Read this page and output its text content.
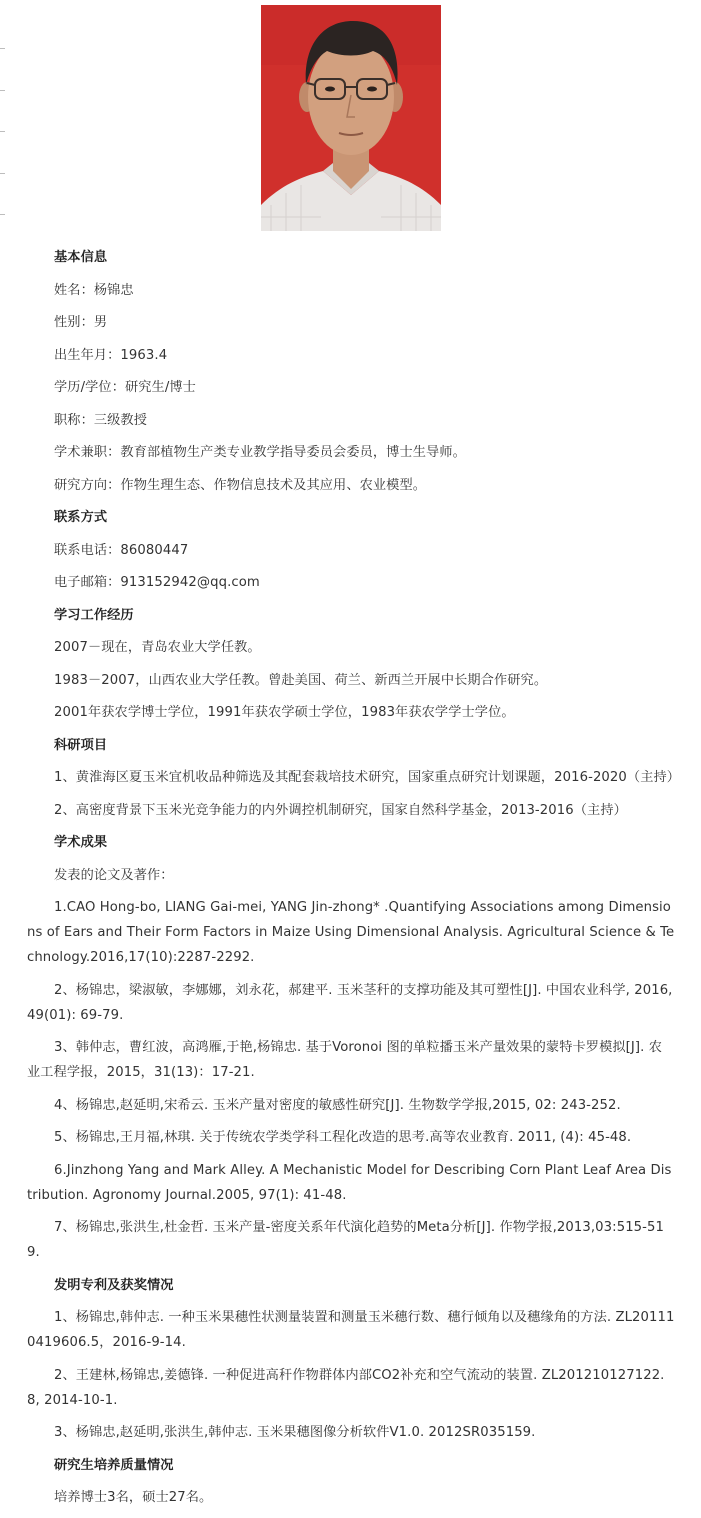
基本信息

姓名：杨锦忠

性别：男

出生年月：1963.4

学历/学位：研究生/博士

职称：三级教授

学术兼职：教育部植物生产类专业教学指导委员会委员，博士生导师。

研究方向：作物生理生态、作物信息技术及其应用、农业模型。

联系方式

联系电话：86080447

电子邮箱：913152942@qq.com

学习工作经历

2007－现在，青岛农业大学任教。

1983－2007，山西农业大学任教。曾赴美国、荷兰、新西兰开展中长期合作研究。

2001年获农学博士学位，1991年获农学硕士学位，1983年获农学学士学位。

科研项目

1、黄淮海区夏玉米宜机收品种筛选及其配套栽培技术研究，国家重点研究计划课题，2016-2020（主持）

2、高密度背景下玉米光竞争能力的内外调控机制研究，国家自然科学基金，2013-2016（主持）

学术成果

发表的论文及著作：

1.CAO Hong-bo, LIANG Gai-mei, YANG Jin-zhong* .Quantifying Associations among Dimensions of Ears and Their Form Factors in Maize Using Dimensional Analysis. Agricultural Science & Technology.2016,17(10):2287-2292.

2、杨锦忠，梁淑敏，李娜娜，刘永花，郝建平. 玉米茎秆的支撑功能及其可塑性[J]. 中国农业科学, 2016, 49(01): 69-79.

3、韩仲志，曹红波，高鸿雁,于艳,杨锦忠. 基于Voronoi 图的单粒播玉米产量效果的蒙特卡罗模拟[J]. 农业工程学报，2015，31(13)：17-21.

4、杨锦忠,赵延明,宋希云. 玉米产量对密度的敏感性研究[J]. 生物数学学报,2015, 02: 243-252.

5、杨锦忠,王月福,林琪. 关于传统农学类学科工程化改造的思考.高等农业教育. 2011, (4): 45-48.

6.Jinzhong Yang and Mark Alley. A Mechanistic Model for Describing Corn Plant Leaf Area Distribution. Agronomy Journal.2005, 97(1): 41-48.

7、杨锦忠,张洪生,杜金哲. 玉米产量-密度关系年代演化趋势的Meta分析[J]. 作物学报,2013,03:515-519.

发明专利及获奖情况

1、杨锦忠,韩仲志. 一种玉米果穗性状测量装置和测量玉米穗行数、穗行倾角以及穗缘角的方法. ZL201110419606.5，2016-9-14.

2、王建林,杨锦忠,姜德锋. 一种促进高秆作物群体内部CO2补充和空气流动的装置. ZL201210127122.8, 2014-10-1.

3、杨锦忠,赵延明,张洪生,韩仲志. 玉米果穗图像分析软件V1.0. 2012SR035159.

研究生培养质量情况

培养博士3名，硕士27名。
